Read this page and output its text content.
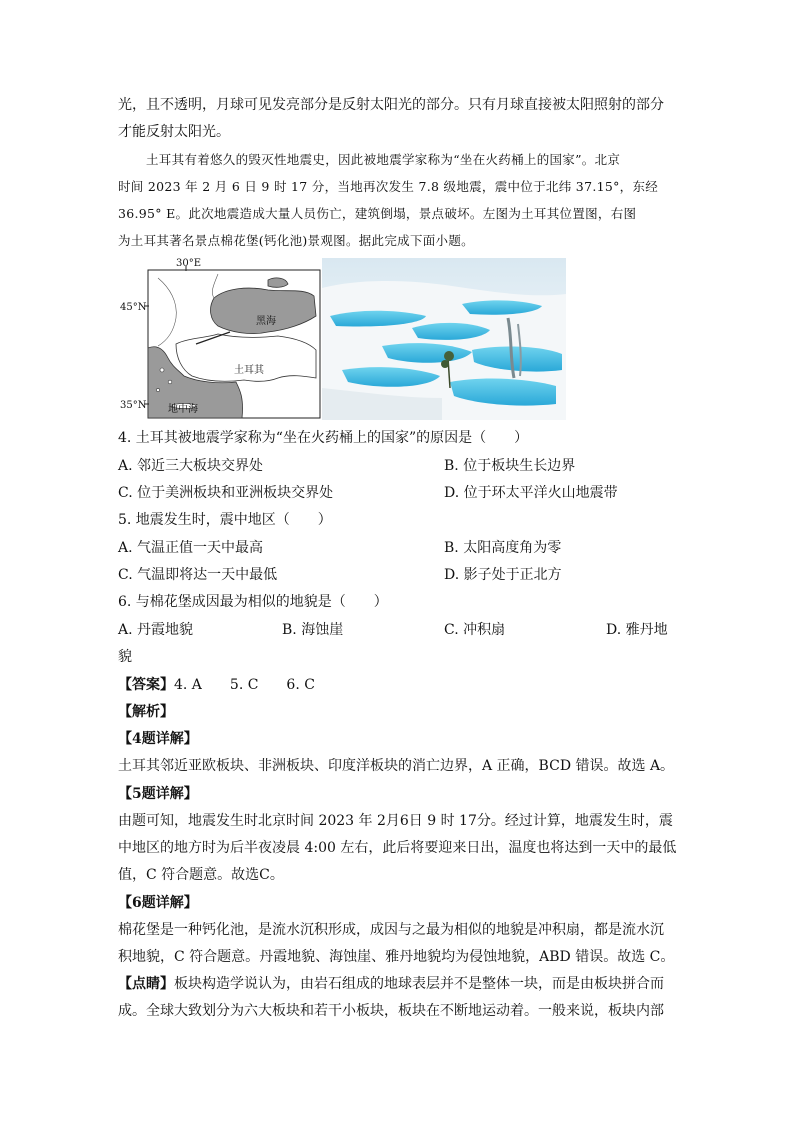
光，且不透明，月球可见发亮部分是反射太阳光的部分。只有月球直接被太阳照射的部分
才能反射太阳光。
土耳其有着悠久的毁灭性地震史，因此被地震学家称为“坐在火药桶上的国家”。北京
时间 2023 年 2 月 6 日 9 时 17 分，当地再次发生 7.8 级地震，震中位于北纬 37.15°，东经
36.95° E。此次地震造成大量人员伤亡，建筑倒塌，景点破坏。左图为土耳其位置图，右图
为土耳其著名景点棉花堡(钙化池)景观图。据此完成下面小题。
30°E
45°N
35°N
黑海
土耳其
地中海
4. 土耳其被地震学家称为“坐在火药桶上的国家”的原因是（　　）
A. 邻近三大板块交界处	B. 位于板块生长边界
C. 位于美洲板块和亚洲板块交界处	D. 位于环太平洋火山地震带
5. 地震发生时，震中地区（　　）
A. 气温正值一天中最高	B. 太阳高度角为零
C. 气温即将达一天中最低	D. 影子处于正北方
6. 与棉花堡成因最为相似的地貌是（　　）
A. 丹霞地貌	B. 海蚀崖	C. 冲积扇	D. 雅丹地
貌
【答案】4. A　　5. C　　6. C
【解析】
【4题详解】
土耳其邻近亚欧板块、非洲板块、印度洋板块的消亡边界，A 正确，BCD 错误。故选 A。
【5题详解】
由题可知，地震发生时北京时间 2023 年 2月6日 9 时 17分。经过计算，地震发生时，震
中地区的地方时为后半夜凌晨 4:00 左右，此后将要迎来日出，温度也将达到一天中的最低
值，C 符合题意。故选C。
【6题详解】
棉花堡是一种钙化池，是流水沉积形成，成因与之最为相似的地貌是冲积扇，都是流水沉
积地貌，C 符合题意。丹霞地貌、海蚀崖、雅丹地貌均为侵蚀地貌，ABD 错误。故选 C。
【点睛】板块构造学说认为，由岩石组成的地球表层并不是整体一块，而是由板块拼合而
成。全球大致划分为六大板块和若干小板块，板块在不断地运动着。一般来说，板块内部
